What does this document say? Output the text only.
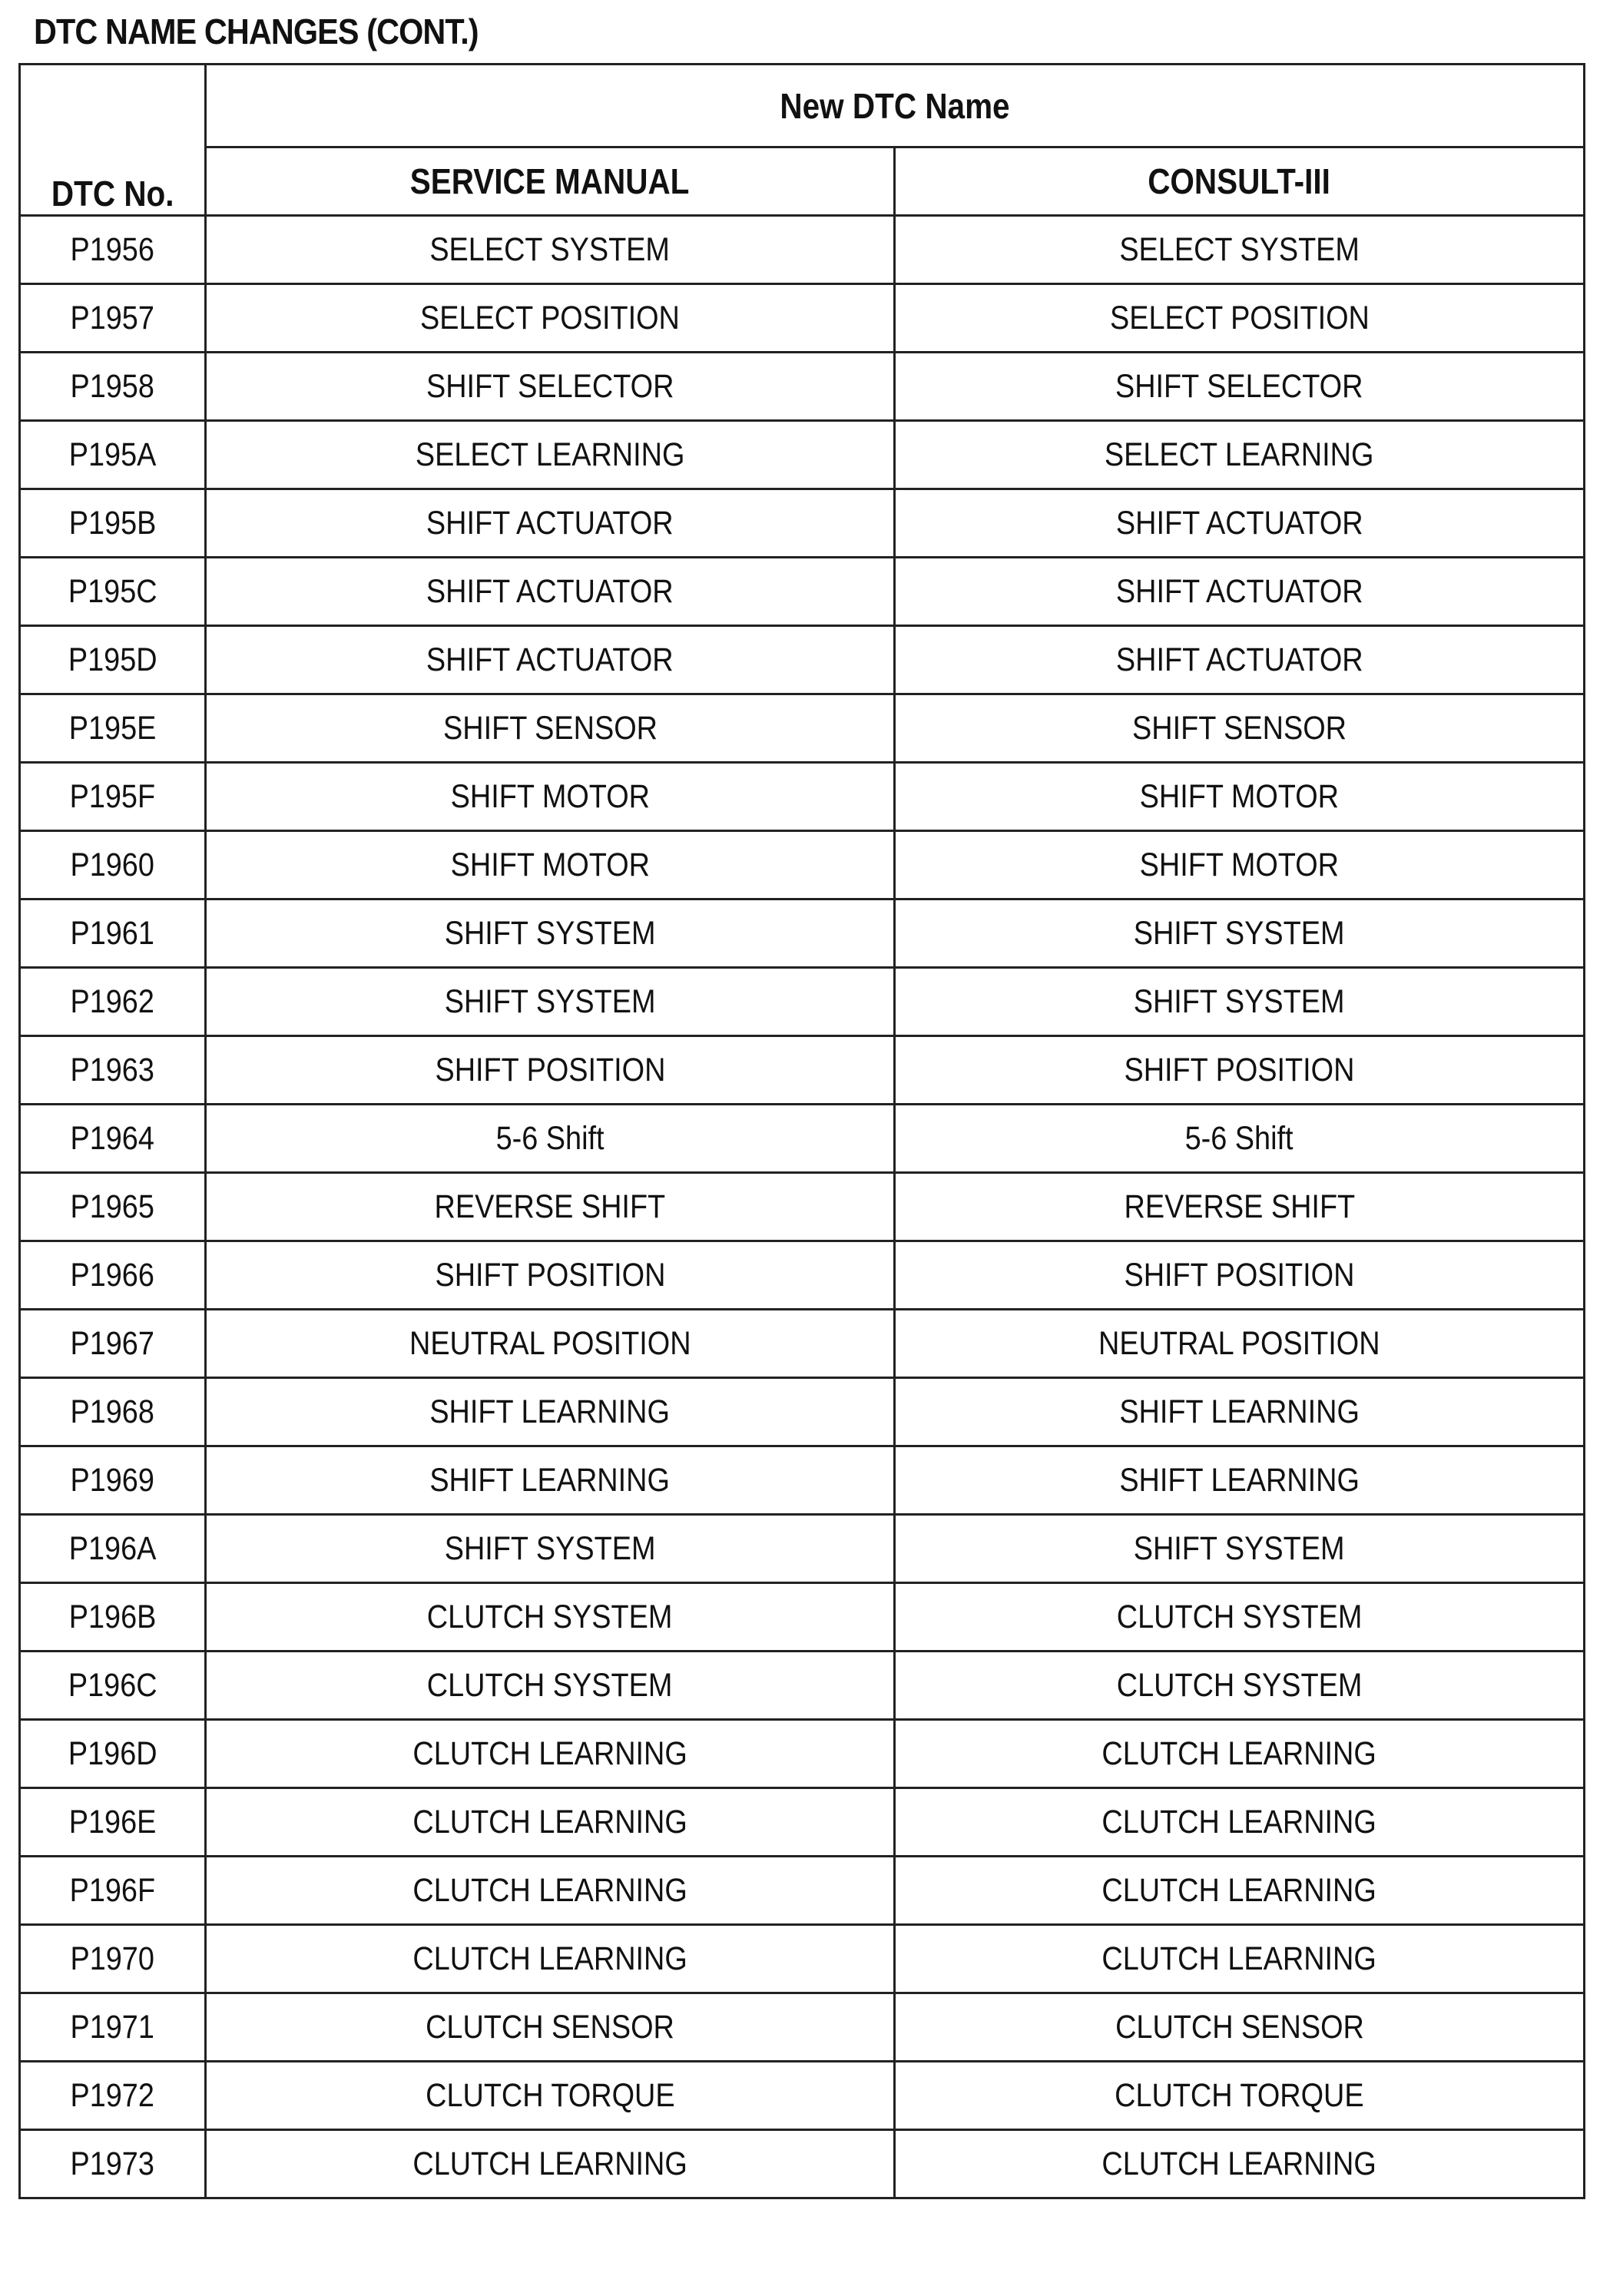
DTC NAME CHANGES (CONT.)
DTC No.	New DTC Name	
	SERVICE MANUAL	CONSULT-III
P1956	SELECT SYSTEM	SELECT SYSTEM
P1957	SELECT POSITION	SELECT POSITION
P1958	SHIFT SELECTOR	SHIFT SELECTOR
P195A	SELECT LEARNING	SELECT LEARNING
P195B	SHIFT ACTUATOR	SHIFT ACTUATOR
P195C	SHIFT ACTUATOR	SHIFT ACTUATOR
P195D	SHIFT ACTUATOR	SHIFT ACTUATOR
P195E	SHIFT SENSOR	SHIFT SENSOR
P195F	SHIFT MOTOR	SHIFT MOTOR
P1960	SHIFT MOTOR	SHIFT MOTOR
P1961	SHIFT SYSTEM	SHIFT SYSTEM
P1962	SHIFT SYSTEM	SHIFT SYSTEM
P1963	SHIFT POSITION	SHIFT POSITION
P1964	5-6 Shift	5-6 Shift
P1965	REVERSE SHIFT	REVERSE SHIFT
P1966	SHIFT POSITION	SHIFT POSITION
P1967	NEUTRAL POSITION	NEUTRAL POSITION
P1968	SHIFT LEARNING	SHIFT LEARNING
P1969	SHIFT LEARNING	SHIFT LEARNING
P196A	SHIFT SYSTEM	SHIFT SYSTEM
P196B	CLUTCH SYSTEM	CLUTCH SYSTEM
P196C	CLUTCH SYSTEM	CLUTCH SYSTEM
P196D	CLUTCH LEARNING	CLUTCH LEARNING
P196E	CLUTCH LEARNING	CLUTCH LEARNING
P196F	CLUTCH LEARNING	CLUTCH LEARNING
P1970	CLUTCH LEARNING	CLUTCH LEARNING
P1971	CLUTCH SENSOR	CLUTCH SENSOR
P1972	CLUTCH TORQUE	CLUTCH TORQUE
P1973	CLUTCH LEARNING	CLUTCH LEARNING
